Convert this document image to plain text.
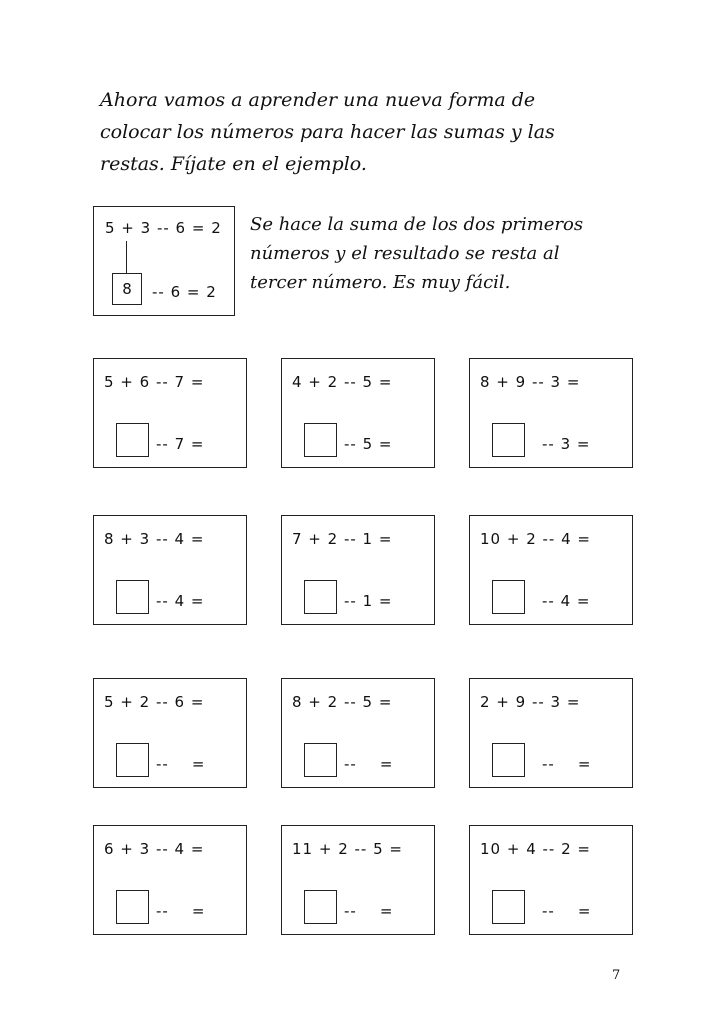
Ahora vamos a aprender una nueva forma de
colocar los números para hacer las sumas y las
restas. Fíjate en el ejemplo.
5 + 3 -- 6 = 2
8	-- 6 = 2
Se hace la suma de los dos primeros
números y el resultado se resta al
tercer número. Es muy fácil.
5 + 6 -- 7 =
-- 7 =
4 + 2 -- 5 =
-- 5 =
8 + 9 -- 3 =
-- 3 =
8 + 3 -- 4 =
-- 4 =
7 + 2 -- 1 =
-- 1 =
10 + 2 -- 4 =
-- 4 =
5 + 2 -- 6 =
--    =
8 + 2 -- 5 =
--    =
2 + 9 -- 3 =
--    =
6 + 3 -- 4 =
--    =
11 + 2 -- 5 =
--    =
10 + 4 -- 2 =
--    =
7
